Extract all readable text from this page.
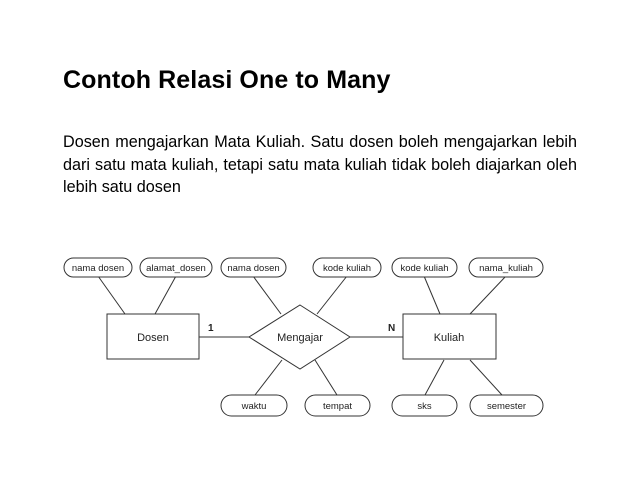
Contoh Relasi One to Many
Dosen mengajarkan Mata Kuliah. Satu dosen boleh mengajarkan lebih dari satu mata kuliah, tetapi satu mata kuliah tidak boleh diajarkan oleh lebih satu dosen
Dosen	Kuliah
Mengajar
1	N
nama dosen alamat_dosen nama dosen	kode kuliah	kode kuliah	nama_kuliah
waktu	tempat	sks	semester
